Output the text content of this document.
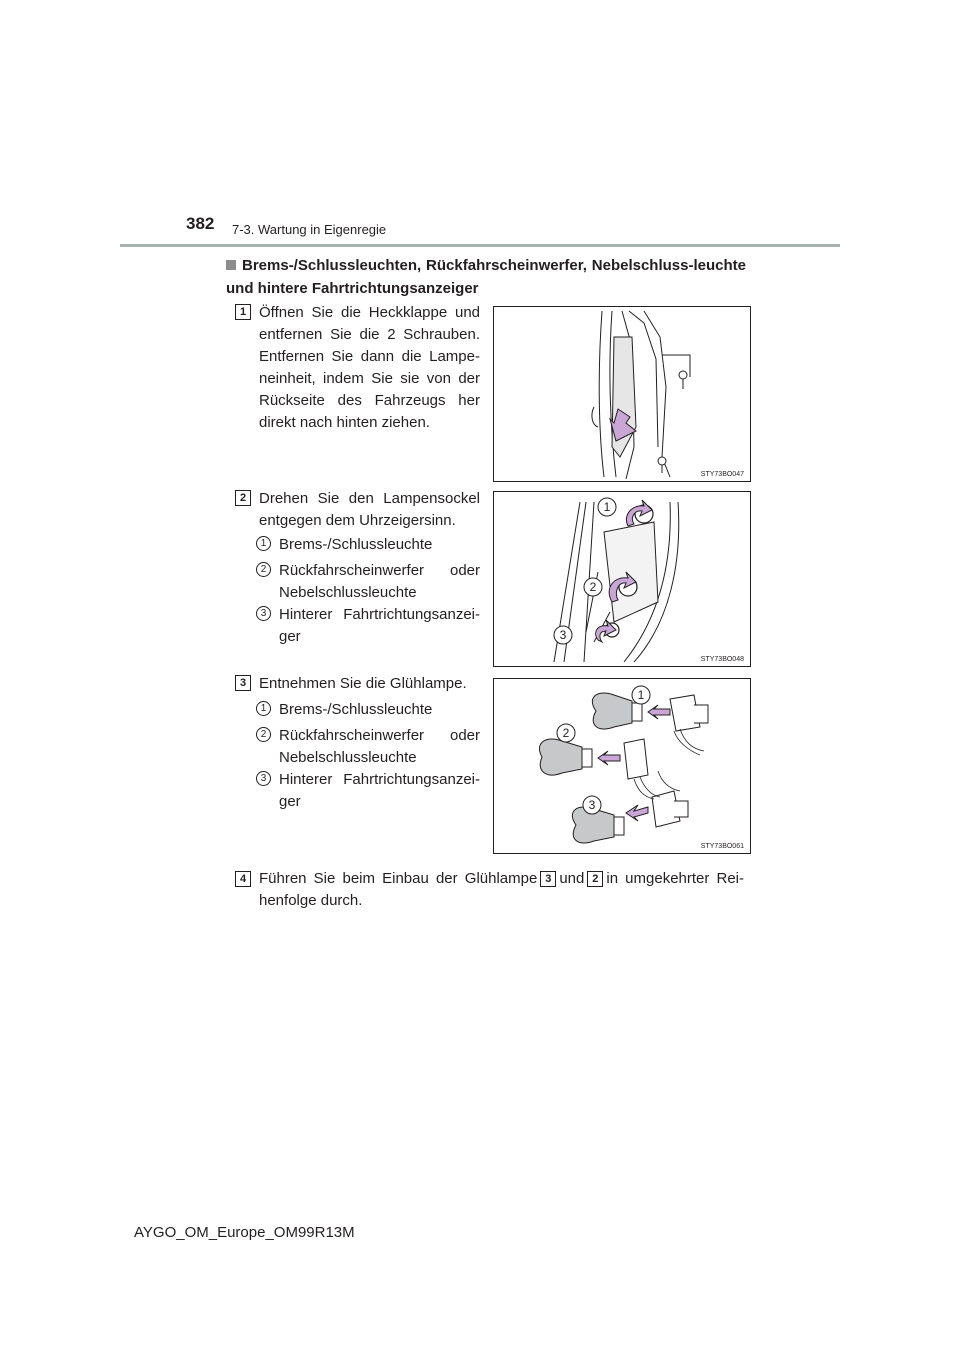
382 7-3. Wartung in Eigenregie
Brems-/Schlussleuchten, Rückfahrscheinwerfer, Nebelschluss-leuchte und hintere Fahrtrichtungsanzeiger
1 Öffnen Sie die Heckklappe und entfernen Sie die 2 Schrauben. Entfernen Sie dann die Lampe-neinheit, indem Sie sie von der Rückseite des Fahrzeugs her direkt nach hinten ziehen.
STY73BO047
2 Drehen Sie den Lampensockel entgegen dem Uhrzeigersinn.
1 Brems-/Schlussleuchte
2 Rückfahrscheinwerfer oder Nebelschlussleuchte
3 Hinterer Fahrtrichtungsanzei-ger
1
2
3
STY73BO048
3 Entnehmen Sie die Glühlampe.
1 Brems-/Schlussleuchte
2 Rückfahrscheinwerfer oder Nebelschlussleuchte
3 Hinterer Fahrtrichtungsanzei-ger
1
2
3
STY73BO061
4 Führen Sie beim Einbau der Glühlampe 3 und 2 in umgekehrter Rei-henfolge durch.
AYGO_OM_Europe_OM99R13M
